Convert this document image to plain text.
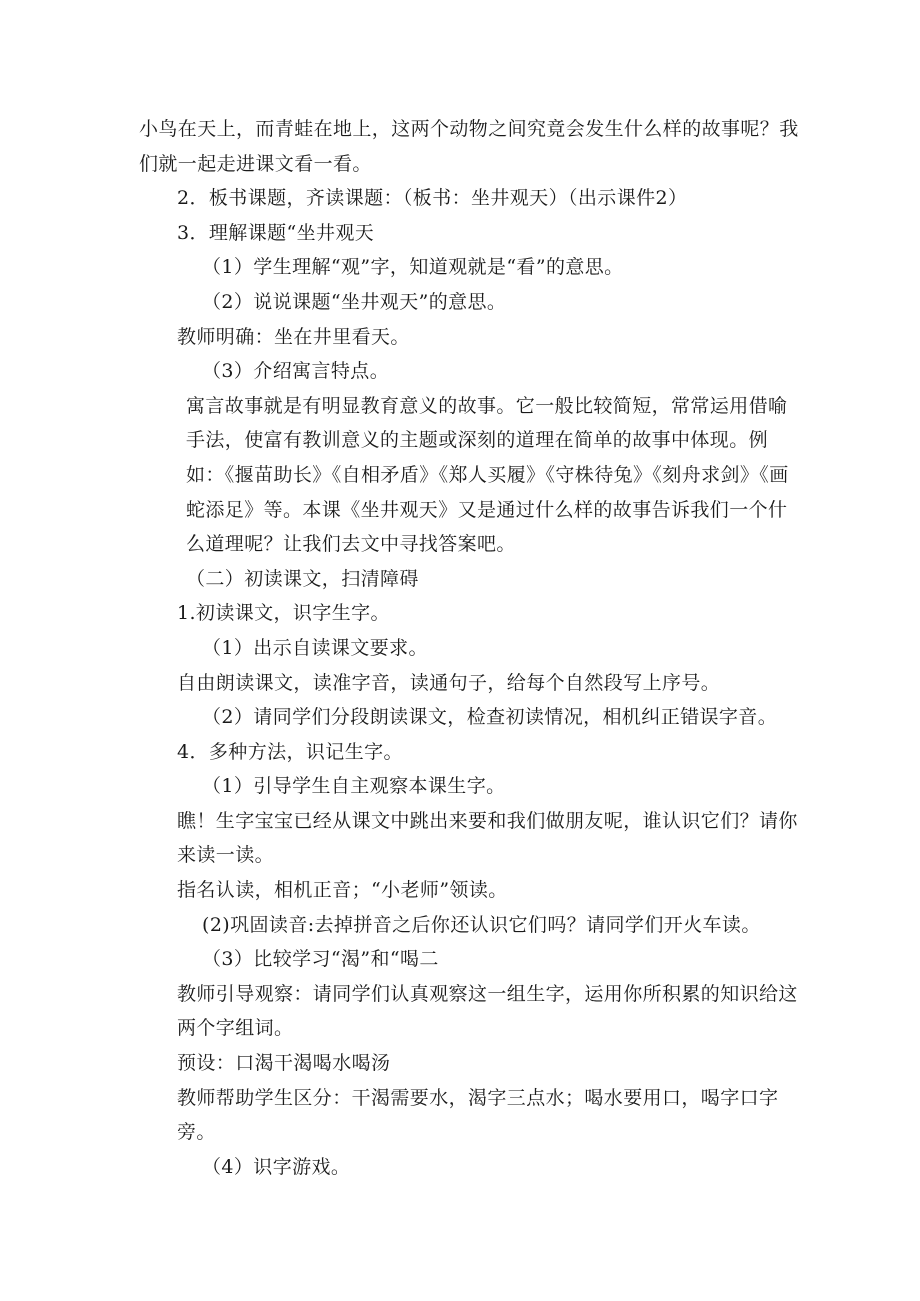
小鸟在天上，而青蛙在地上，这两个动物之间究竟会发生什么样的故事呢？我们就一起走进课文看一看。

2．板书课题，齐读课题：（板书：坐井观天）（出示课件2）

3．理解课题“坐井观天

（1）学生理解“观”字，知道观就是“看”的意思。

（2）说说课题“坐井观天”的意思。

教师明确：坐在井里看天。

（3）介绍寓言特点。

寓言故事就是有明显教育意义的故事。它一般比较简短，常常运用借喻手法，使富有教训意义的主题或深刻的道理在简单的故事中体现。例如：《揠苗助长》《自相矛盾》《郑人买履》《守株待兔》《刻舟求剑》《画蛇添足》等。本课《坐井观天》又是通过什么样的故事告诉我们一个什么道理呢？让我们去文中寻找答案吧。

（二）初读课文，扫清障碍

1.初读课文，识字生字。

（1）出示自读课文要求。

自由朗读课文，读准字音，读通句子，给每个自然段写上序号。

（2）请同学们分段朗读课文，检查初读情况，相机纠正错误字音。

4．多种方法，识记生字。

（1）引导学生自主观察本课生字。

瞧！生字宝宝已经从课文中跳出来要和我们做朋友呢，谁认识它们？请你来读一读。

指名认读，相机正音；“小老师”领读。

(2)巩固读音:去掉拼音之后你还认识它们吗？请同学们开火车读。

（3）比较学习“渴”和“喝二

教师引导观察：请同学们认真观察这一组生字，运用你所积累的知识给这两个字组词。

预设：口渴干渴喝水喝汤

教师帮助学生区分：干渴需要水，渴字三点水；喝水要用口，喝字口字旁。

（4）识字游戏。
